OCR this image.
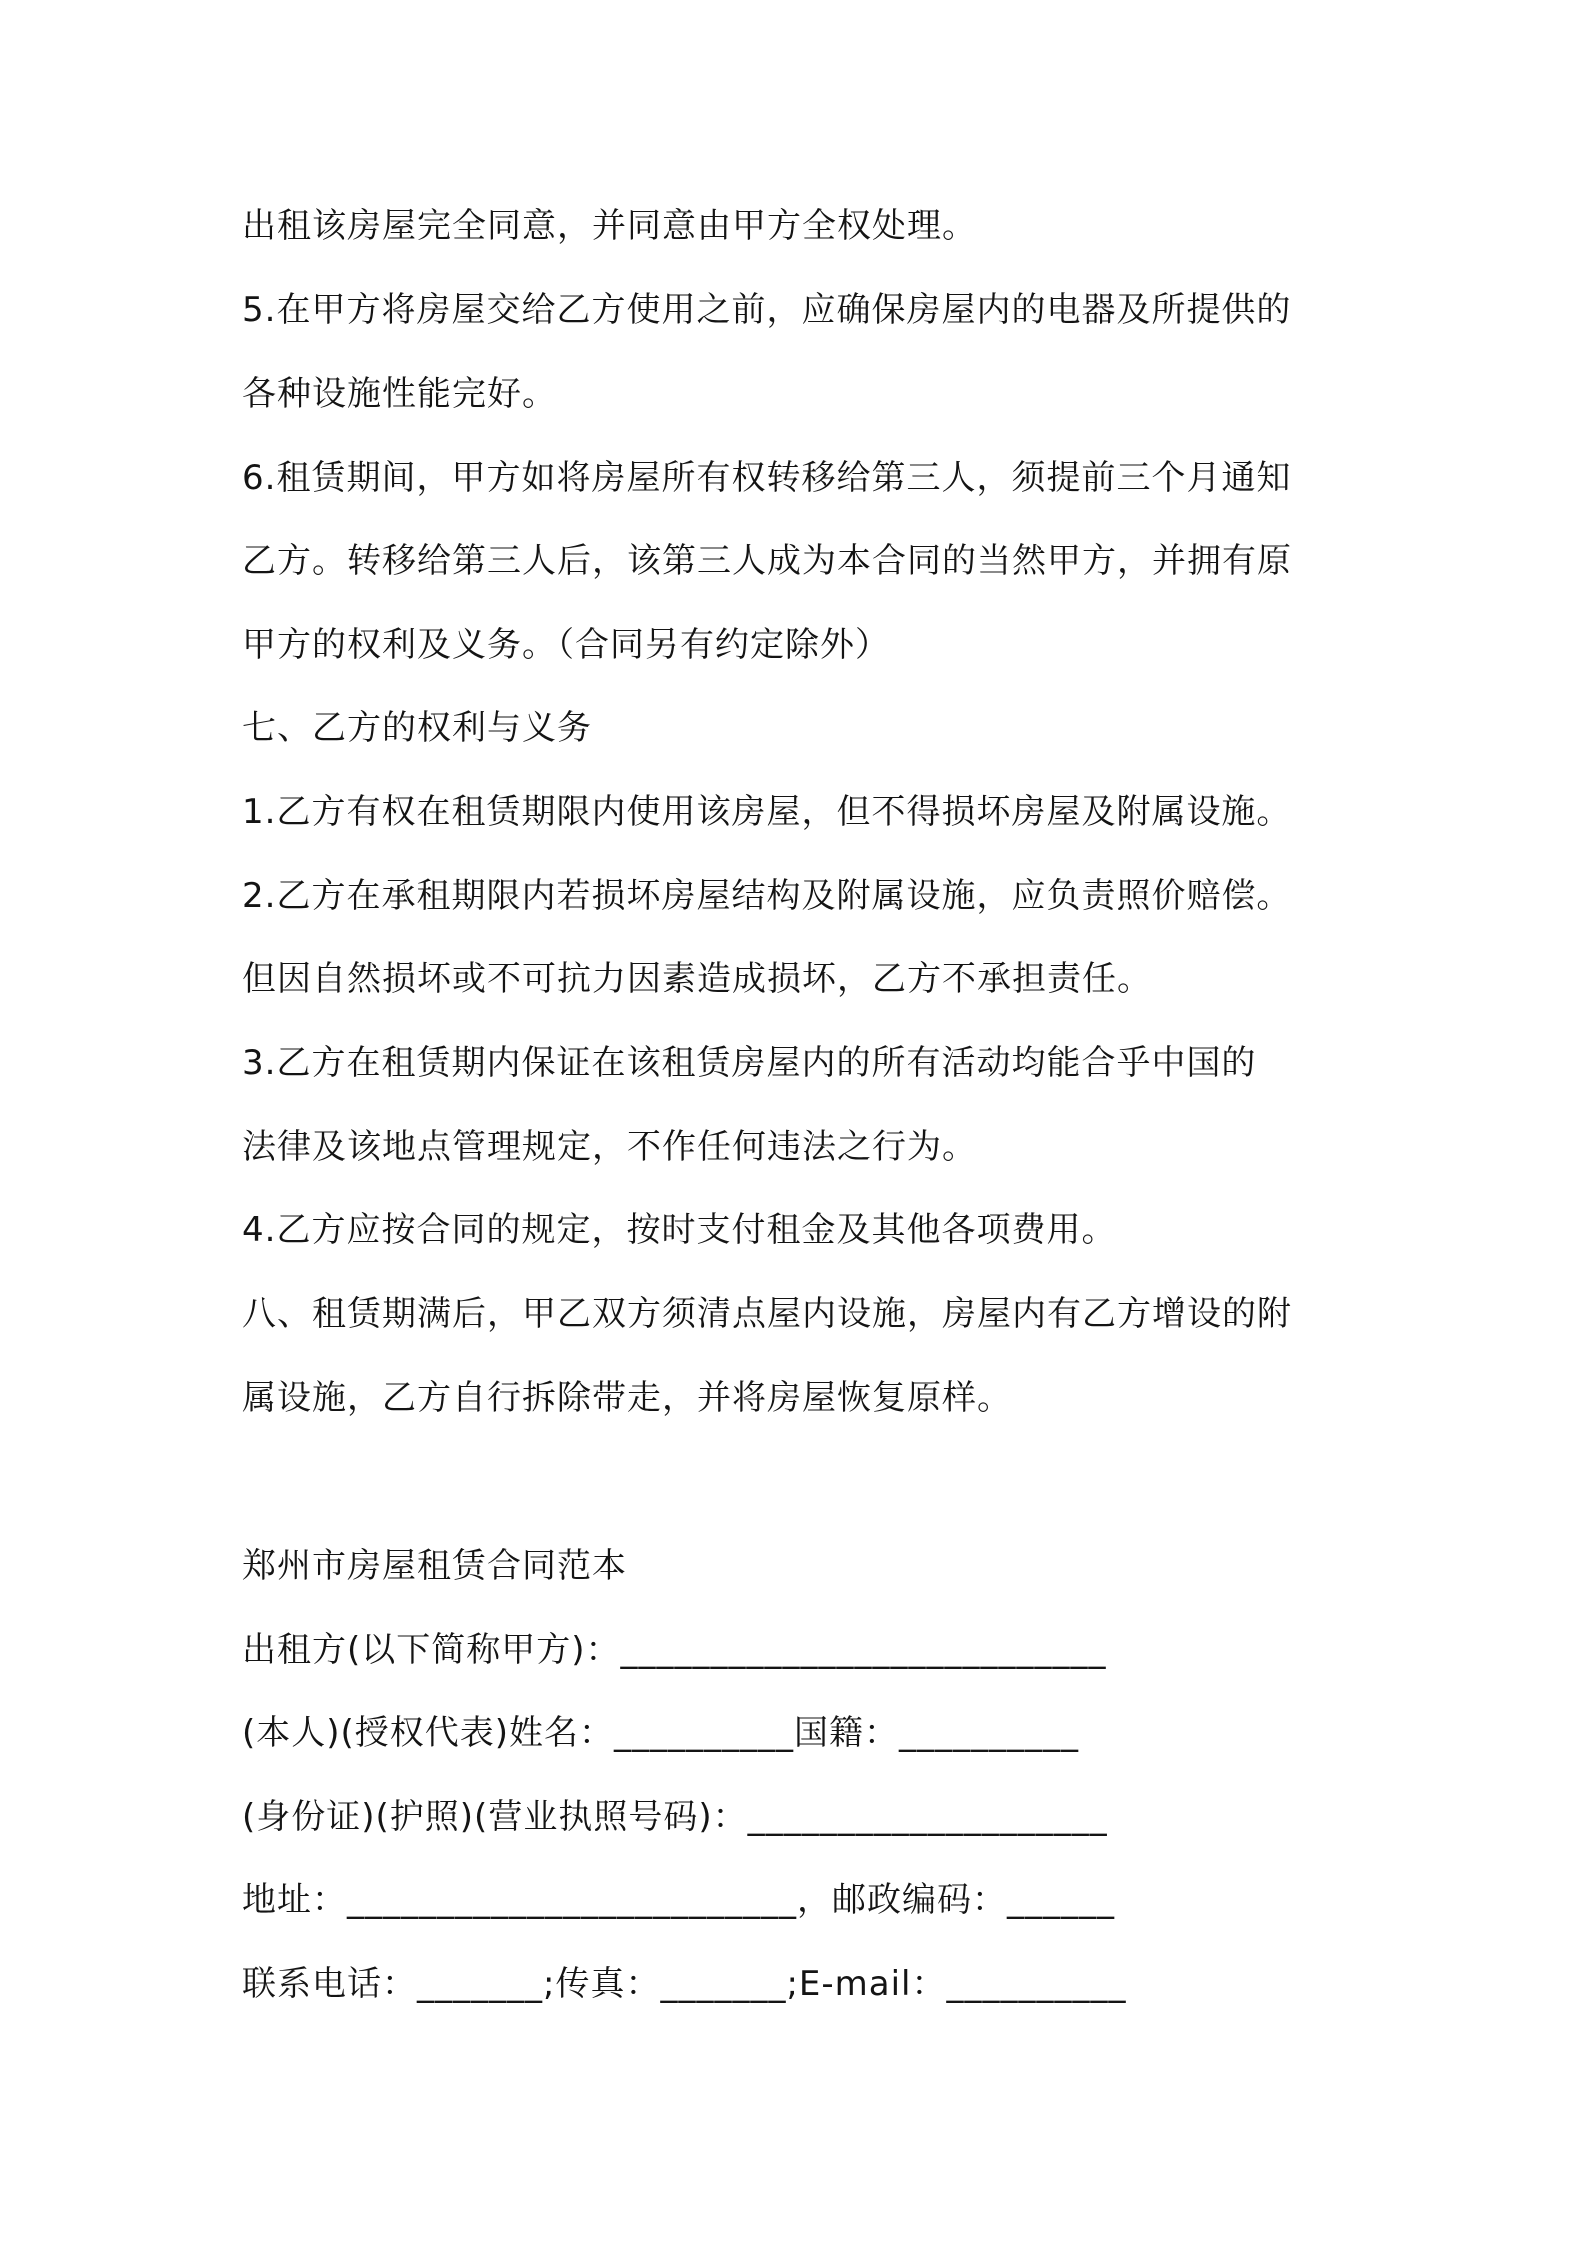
出租该房屋完全同意，并同意由甲方全权处理。
5.在甲方将房屋交给乙方使用之前，应确保房屋内的电器及所提供的
各种设施性能完好。
6.租赁期间，甲方如将房屋所有权转移给第三人，须提前三个月通知
乙方。转移给第三人后，该第三人成为本合同的当然甲方，并拥有原
甲方的权利及义务。（合同另有约定除外）
七、乙方的权利与义务
1.乙方有权在租赁期限内使用该房屋，但不得损坏房屋及附属设施。
2.乙方在承租期限内若损坏房屋结构及附属设施，应负责照价赔偿。
但因自然损坏或不可抗力因素造成损坏，乙方不承担责任。
3.乙方在租赁期内保证在该租赁房屋内的所有活动均能合乎中国的
法律及该地点管理规定，不作任何违法之行为。
4.乙方应按合同的规定，按时支付租金及其他各项费用。
八、租赁期满后，甲乙双方须清点屋内设施，房屋内有乙方增设的附
属设施，乙方自行拆除带走，并将房屋恢复原样。
郑州市房屋租赁合同范本
出租方(以下简称甲方)：___________________________
(本人)(授权代表)姓名：__________国籍：__________
(身份证)(护照)(营业执照号码)：____________________
地址：_________________________，邮政编码：______
联系电话：_______;传真：_______;E-mail：__________
